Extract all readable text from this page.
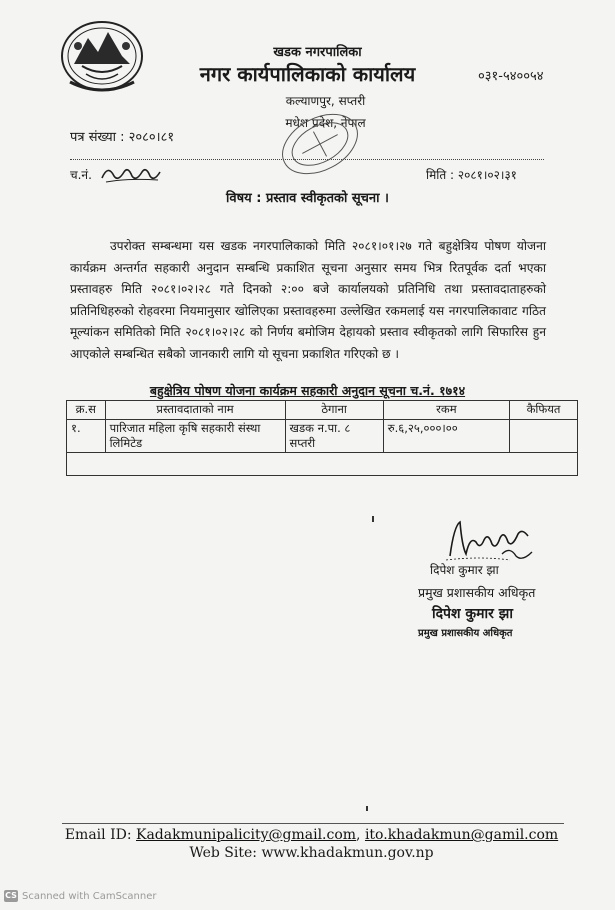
खडक नगरपालिका
नगर कार्यपालिकाको कार्यालय	०३१-५४००५४
कल्याणपुर, सप्तरी
मधेश प्रदेश, नेपाल
पत्र संख्या : २०८०।८१
च.नं.	मिति : २०८१।०२।३१
विषय : प्रस्ताव स्वीकृतको सूचना ।
उपरोक्त सम्बन्धमा यस खडक नगरपालिकाको मिति २०८१।०१।२७ गते बहुक्षेत्रिय पोषण योजना कार्यक्रम अन्तर्गत सहकारी अनुदान सम्बन्धि प्रकाशित सूचना अनुसार समय भित्र रितपूर्वक दर्ता भएका प्रस्तावहरु मिति २०८१।०२।२८ गते दिनको २:०० बजे कार्यालयको प्रतिनिधि तथा प्रस्तावदाताहरुको प्रतिनिधिहरुको रोहवरमा नियमानुसार खोलिएका प्रस्तावहरुमा उल्लेखित रकमलाई यस नगरपालिकावाट गठित मूल्यांकन समितिको मिति २०८१।०२।२८ को निर्णय बमोजिम देहायको प्रस्ताव स्वीकृतको लागि सिफारिस हुन आएकोले सम्बन्धित सबैको जानकारी लागि यो सूचना प्रकाशित गरिएको छ ।
बहुक्षेत्रिय पोषण योजना कार्यक्रम सहकारी अनुदान सूचना च.नं. १७१४
क्र.स	प्रस्तावदाताको नाम	ठेगाना	रकम	कैफियत
१.	पारिजात महिला कृषि सहकारी संस्था लिमिटेड	खडक न.पा. ८ सप्तरी	रु.६,२५,०००।००	

दिपेश कुमार झा
प्रमुख प्रशासकीय अधिकृत
दिपेश कुमार झा
प्रमुख प्रशासकीय अधिकृत
Email ID: Kadakmunipalicity@gmail.com, ito.khadakmun@gamil.com
Web Site: www.khadakmun.gov.np
CS Scanned with CamScanner
